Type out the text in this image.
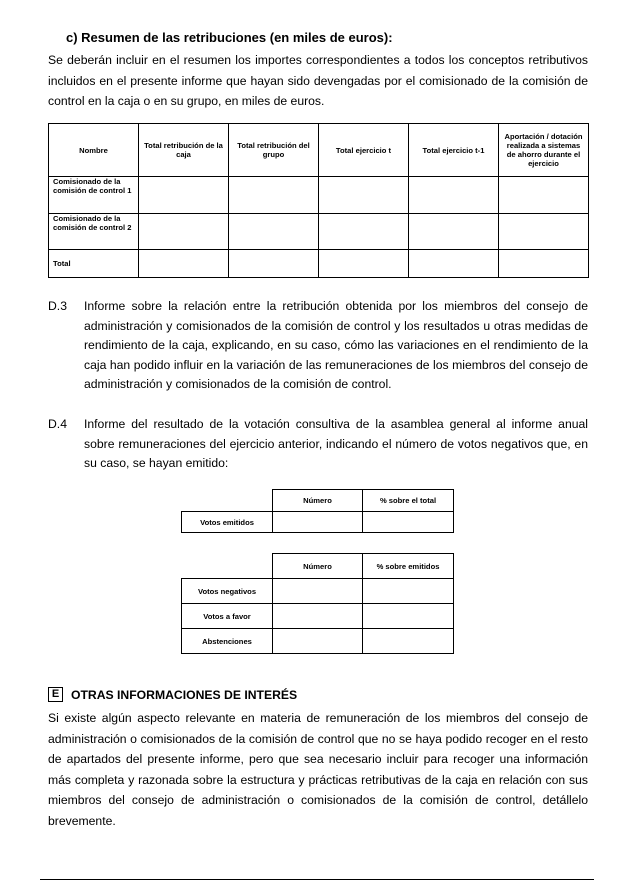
c) Resumen de las retribuciones (en miles de euros):
Se deberán incluir en el resumen los importes correspondientes a todos los conceptos retributivos incluidos en el presente informe que hayan sido devengadas por el comisionado de la comisión de control en la caja o en su grupo, en miles de euros.
Nombre	Total retribución de la caja	Total retribución del grupo	Total ejercicio t	Total ejercicio t-1	Aportación / dotación realizada a sistemas de ahorro durante el ejercicio
Comisionado de la comisión de control 1					
Comisionado de la comisión de control 2					
Total					
D.3 Informe sobre la relación entre la retribución obtenida por los miembros del consejo de administración y comisionados de la comisión de control y los resultados u otras medidas de rendimiento de la caja, explicando, en su caso, cómo las variaciones en el rendimiento de la caja han podido influir en la variación de las remuneraciones de los miembros del consejo de administración y comisionados de la comisión de control.
D.4 Informe del resultado de la votación consultiva de la asamblea general al informe anual sobre remuneraciones del ejercicio anterior, indicando el número de votos negativos que, en su caso, se hayan emitido:
	Número	% sobre el total
Votos emitidos		
	Número	% sobre emitidos
Votos negativos		
Votos a favor		
Abstenciones		
E OTRAS INFORMACIONES DE INTERÉS
Si existe algún aspecto relevante en materia de remuneración de los miembros del consejo de administración o comisionados de la comisión de control que no se haya podido recoger en el resto de apartados del presente informe, pero que sea necesario incluir para recoger una información más completa y razonada sobre la estructura y prácticas retributivas de la caja en relación con sus miembros del consejo de administración o comisionados de la comisión de control, detállelo brevemente.
